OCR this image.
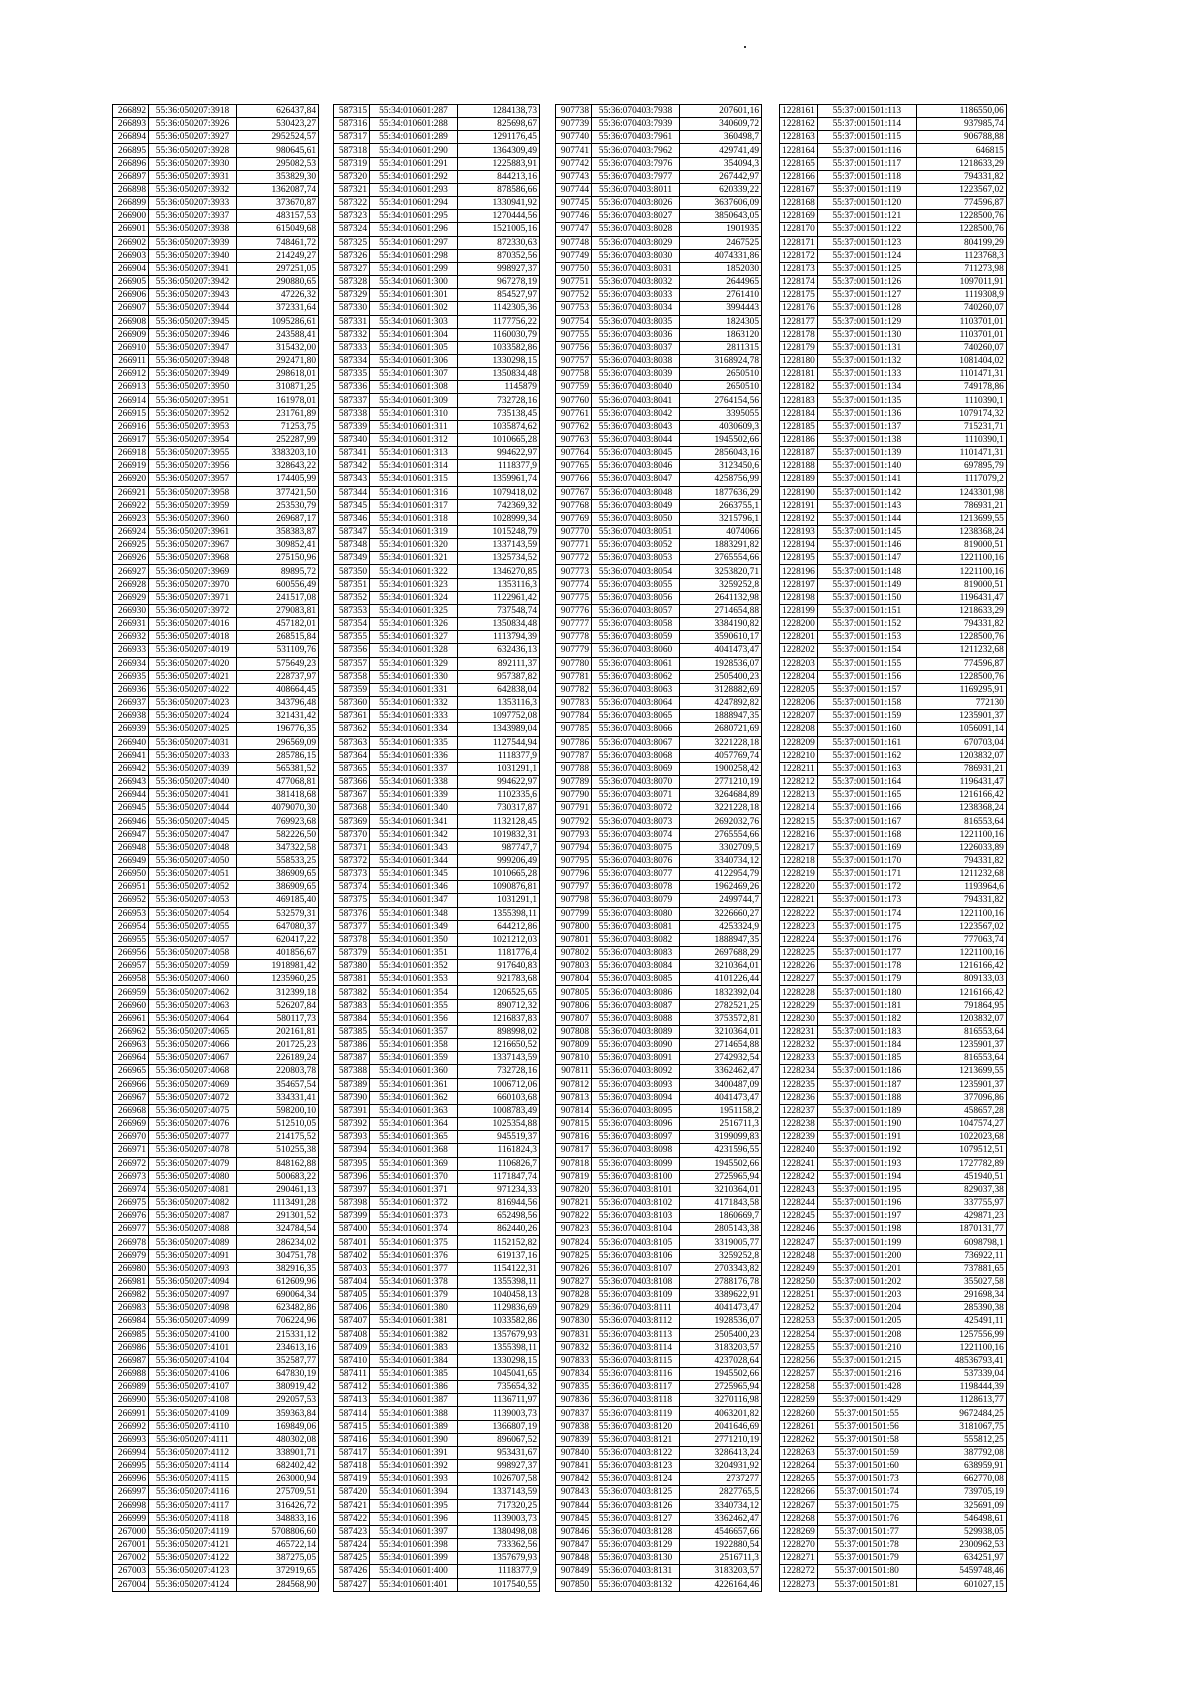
266892	55:36:050207:3918	626437,84
266893	55:36:050207:3926	530423,27
266894	55:36:050207:3927	2952524,57
266895	55:36:050207:3928	980645,61
266896	55:36:050207:3930	295082,53
266897	55:36:050207:3931	353829,30
266898	55:36:050207:3932	1362087,74
266899	55:36:050207:3933	373670,87
266900	55:36:050207:3937	483157,53
266901	55:36:050207:3938	615049,68
266902	55:36:050207:3939	748461,72
266903	55:36:050207:3940	214249,27
266904	55:36:050207:3941	297251,05
266905	55:36:050207:3942	290880,65
266906	55:36:050207:3943	47226,32
266907	55:36:050207:3944	372331,64
266908	55:36:050207:3945	1095286,61
266909	55:36:050207:3946	243588,41
266910	55:36:050207:3947	315432,00
266911	55:36:050207:3948	292471,80
266912	55:36:050207:3949	298618,01
266913	55:36:050207:3950	310871,25
266914	55:36:050207:3951	161978,01
266915	55:36:050207:3952	231761,89
266916	55:36:050207:3953	71253,75
266917	55:36:050207:3954	252287,99
266918	55:36:050207:3955	3383203,10
266919	55:36:050207:3956	328643,22
266920	55:36:050207:3957	174405,99
266921	55:36:050207:3958	377421,50
266922	55:36:050207:3959	253530,79
266923	55:36:050207:3960	269687,17
266924	55:36:050207:3961	358383,87
266925	55:36:050207:3967	309852,41
266926	55:36:050207:3968	275150,96
266927	55:36:050207:3969	89895,72
266928	55:36:050207:3970	600556,49
266929	55:36:050207:3971	241517,08
266930	55:36:050207:3972	279083,81
266931	55:36:050207:4016	457182,01
266932	55:36:050207:4018	268515,84
266933	55:36:050207:4019	531109,76
266934	55:36:050207:4020	575649,23
266935	55:36:050207:4021	228737,97
266936	55:36:050207:4022	408664,45
266937	55:36:050207:4023	343796,48
266938	55:36:050207:4024	321431,42
266939	55:36:050207:4025	196776,35
266940	55:36:050207:4031	296569,09
266941	55:36:050207:4033	285786,15
266942	55:36:050207:4039	565381,52
266943	55:36:050207:4040	477068,81
266944	55:36:050207:4041	381418,68
266945	55:36:050207:4044	4079070,30
266946	55:36:050207:4045	769923,68
266947	55:36:050207:4047	582226,50
266948	55:36:050207:4048	347322,58
266949	55:36:050207:4050	558533,25
266950	55:36:050207:4051	386909,65
266951	55:36:050207:4052	386909,65
266952	55:36:050207:4053	469185,40
266953	55:36:050207:4054	532579,31
266954	55:36:050207:4055	647080,37
266955	55:36:050207:4057	620417,22
266956	55:36:050207:4058	401856,67
266957	55:36:050207:4059	1918981,42
266958	55:36:050207:4060	1235960,25
266959	55:36:050207:4062	312399,18
266960	55:36:050207:4063	526207,84
266961	55:36:050207:4064	580117,73
266962	55:36:050207:4065	202161,81
266963	55:36:050207:4066	201725,23
266964	55:36:050207:4067	226189,24
266965	55:36:050207:4068	220803,78
266966	55:36:050207:4069	354657,54
266967	55:36:050207:4072	334331,41
266968	55:36:050207:4075	598200,10
266969	55:36:050207:4076	512510,05
266970	55:36:050207:4077	214175,52
266971	55:36:050207:4078	510255,38
266972	55:36:050207:4079	848162,88
266973	55:36:050207:4080	500683,22
266974	55:36:050207:4081	290461,13
266975	55:36:050207:4082	1113491,28
266976	55:36:050207:4087	291301,52
266977	55:36:050207:4088	324784,54
266978	55:36:050207:4089	286234,02
266979	55:36:050207:4091	304751,78
266980	55:36:050207:4093	382916,35
266981	55:36:050207:4094	612609,96
266982	55:36:050207:4097	690064,34
266983	55:36:050207:4098	623482,86
266984	55:36:050207:4099	706224,96
266985	55:36:050207:4100	215331,12
266986	55:36:050207:4101	234613,16
266987	55:36:050207:4104	352587,77
266988	55:36:050207:4106	647830,19
266989	55:36:050207:4107	380919,42
266990	55:36:050207:4108	292057,53
266991	55:36:050207:4109	359363,84
266992	55:36:050207:4110	169849,06
266993	55:36:050207:4111	480302,08
266994	55:36:050207:4112	338901,71
266995	55:36:050207:4114	682402,42
266996	55:36:050207:4115	263000,94
266997	55:36:050207:4116	275709,51
266998	55:36:050207:4117	316426,72
266999	55:36:050207:4118	348833,16
267000	55:36:050207:4119	5708806,60
267001	55:36:050207:4121	465722,14
267002	55:36:050207:4122	387275,05
267003	55:36:050207:4123	372919,65
267004	55:36:050207:4124	284568,90
587315	55:34:010601:287	1284138,73
587316	55:34:010601:288	825698,67
587317	55:34:010601:289	1291176,45
587318	55:34:010601:290	1364309,49
587319	55:34:010601:291	1225883,91
587320	55:34:010601:292	844213,16
587321	55:34:010601:293	878586,66
587322	55:34:010601:294	1330941,92
587323	55:34:010601:295	1270444,56
587324	55:34:010601:296	1521005,16
587325	55:34:010601:297	872330,63
587326	55:34:010601:298	870352,56
587327	55:34:010601:299	998927,37
587328	55:34:010601:300	967278,19
587329	55:34:010601:301	854527,97
587330	55:34:010601:302	1142305,36
587331	55:34:010601:303	1177756,22
587332	55:34:010601:304	1160030,79
587333	55:34:010601:305	1033582,86
587334	55:34:010601:306	1330298,15
587335	55:34:010601:307	1350834,48
587336	55:34:010601:308	1145879
587337	55:34:010601:309	732728,16
587338	55:34:010601:310	735138,45
587339	55:34:010601:311	1035874,62
587340	55:34:010601:312	1010665,28
587341	55:34:010601:313	994622,97
587342	55:34:010601:314	1118377,9
587343	55:34:010601:315	1359961,74
587344	55:34:010601:316	1079418,02
587345	55:34:010601:317	742369,32
587346	55:34:010601:318	1028999,34
587347	55:34:010601:319	1015248,79
587348	55:34:010601:320	1337143,59
587349	55:34:010601:321	1325734,52
587350	55:34:010601:322	1346270,85
587351	55:34:010601:323	1353116,3
587352	55:34:010601:324	1122961,42
587353	55:34:010601:325	737548,74
587354	55:34:010601:326	1350834,48
587355	55:34:010601:327	1113794,39
587356	55:34:010601:328	632436,13
587357	55:34:010601:329	892111,37
587358	55:34:010601:330	957387,82
587359	55:34:010601:331	642838,04
587360	55:34:010601:332	1353116,3
587361	55:34:010601:333	1097752,08
587362	55:34:010601:334	1343989,04
587363	55:34:010601:335	1127544,94
587364	55:34:010601:336	1118377,9
587365	55:34:010601:337	1031291,1
587366	55:34:010601:338	994622,97
587367	55:34:010601:339	1102335,6
587368	55:34:010601:340	730317,87
587369	55:34:010601:341	1132128,45
587370	55:34:010601:342	1019832,31
587371	55:34:010601:343	987747,7
587372	55:34:010601:344	999206,49
587373	55:34:010601:345	1010665,28
587374	55:34:010601:346	1090876,81
587375	55:34:010601:347	1031291,1
587376	55:34:010601:348	1355398,11
587377	55:34:010601:349	644212,86
587378	55:34:010601:350	1021212,03
587379	55:34:010601:351	1181776,4
587380	55:34:010601:352	917640,83
587381	55:34:010601:353	921783,68
587382	55:34:010601:354	1206525,65
587383	55:34:010601:355	890712,32
587384	55:34:010601:356	1216837,83
587385	55:34:010601:357	898998,02
587386	55:34:010601:358	1216650,52
587387	55:34:010601:359	1337143,59
587388	55:34:010601:360	732728,16
587389	55:34:010601:361	1006712,06
587390	55:34:010601:362	660103,68
587391	55:34:010601:363	1008783,49
587392	55:34:010601:364	1025354,88
587393	55:34:010601:365	945519,37
587394	55:34:010601:368	1161824,3
587395	55:34:010601:369	1106826,7
587396	55:34:010601:370	1171847,74
587397	55:34:010601:371	971234,33
587398	55:34:010601:372	816944,56
587399	55:34:010601:373	652498,56
587400	55:34:010601:374	862440,26
587401	55:34:010601:375	1152152,82
587402	55:34:010601:376	619137,16
587403	55:34:010601:377	1154122,31
587404	55:34:010601:378	1355398,11
587405	55:34:010601:379	1040458,13
587406	55:34:010601:380	1129836,69
587407	55:34:010601:381	1033582,86
587408	55:34:010601:382	1357679,93
587409	55:34:010601:383	1355398,11
587410	55:34:010601:384	1330298,15
587411	55:34:010601:385	1045041,65
587412	55:34:010601:386	735654,32
587413	55:34:010601:387	1136711,97
587414	55:34:010601:388	1139003,73
587415	55:34:010601:389	1366807,19
587416	55:34:010601:390	896067,52
587417	55:34:010601:391	953431,67
587418	55:34:010601:392	998927,37
587419	55:34:010601:393	1026707,58
587420	55:34:010601:394	1337143,59
587421	55:34:010601:395	717320,25
587422	55:34:010601:396	1139003,73
587423	55:34:010601:397	1380498,08
587424	55:34:010601:398	733362,56
587425	55:34:010601:399	1357679,93
587426	55:34:010601:400	1118377,9
587427	55:34:010601:401	1017540,55
907738	55:36:070403:7938	207601,16
907739	55:36:070403:7939	340609,72
907740	55:36:070403:7961	360498,7
907741	55:36:070403:7962	429741,49
907742	55:36:070403:7976	354094,3
907743	55:36:070403:7977	267442,97
907744	55:36:070403:8011	620339,22
907745	55:36:070403:8026	3637606,09
907746	55:36:070403:8027	3850643,05
907747	55:36:070403:8028	1901935
907748	55:36:070403:8029	2467525
907749	55:36:070403:8030	4074331,86
907750	55:36:070403:8031	1852030
907751	55:36:070403:8032	2644965
907752	55:36:070403:8033	2761410
907753	55:36:070403:8034	3994443
907754	55:36:070403:8035	1824305
907755	55:36:070403:8036	1863120
907756	55:36:070403:8037	2811315
907757	55:36:070403:8038	3168924,78
907758	55:36:070403:8039	2650510
907759	55:36:070403:8040	2650510
907760	55:36:070403:8041	2764154,56
907761	55:36:070403:8042	3395055
907762	55:36:070403:8043	4030609,3
907763	55:36:070403:8044	1945502,66
907764	55:36:070403:8045	2856043,16
907765	55:36:070403:8046	3123450,6
907766	55:36:070403:8047	4258756,99
907767	55:36:070403:8048	1877636,29
907768	55:36:070403:8049	2663755,1
907769	55:36:070403:8050	3215796,1
907770	55:36:070403:8051	4074066
907771	55:36:070403:8052	1883291,82
907772	55:36:070403:8053	2765554,66
907773	55:36:070403:8054	3253820,71
907774	55:36:070403:8055	3259252,8
907775	55:36:070403:8056	2641132,98
907776	55:36:070403:8057	2714654,88
907777	55:36:070403:8058	3384190,82
907778	55:36:070403:8059	3590610,17
907779	55:36:070403:8060	4041473,47
907780	55:36:070403:8061	1928536,07
907781	55:36:070403:8062	2505400,23
907782	55:36:070403:8063	3128882,69
907783	55:36:070403:8064	4247892,82
907784	55:36:070403:8065	1888947,35
907785	55:36:070403:8066	2680721,69
907786	55:36:070403:8067	3221228,18
907787	55:36:070403:8068	4057769,74
907788	55:36:070403:8069	1900258,42
907789	55:36:070403:8070	2771210,19
907790	55:36:070403:8071	3264684,89
907791	55:36:070403:8072	3221228,18
907792	55:36:070403:8073	2692032,76
907793	55:36:070403:8074	2765554,66
907794	55:36:070403:8075	3302709,5
907795	55:36:070403:8076	3340734,12
907796	55:36:070403:8077	4122954,79
907797	55:36:070403:8078	1962469,26
907798	55:36:070403:8079	2499744,7
907799	55:36:070403:8080	3226660,27
907800	55:36:070403:8081	4253324,9
907801	55:36:070403:8082	1888947,35
907802	55:36:070403:8083	2697688,29
907803	55:36:070403:8084	3210364,01
907804	55:36:070403:8085	4101226,44
907805	55:36:070403:8086	1832392,04
907806	55:36:070403:8087	2782521,25
907807	55:36:070403:8088	3753572,81
907808	55:36:070403:8089	3210364,01
907809	55:36:070403:8090	2714654,88
907810	55:36:070403:8091	2742932,54
907811	55:36:070403:8092	3362462,47
907812	55:36:070403:8093	3400487,09
907813	55:36:070403:8094	4041473,47
907814	55:36:070403:8095	1951158,2
907815	55:36:070403:8096	2516711,3
907816	55:36:070403:8097	3199099,83
907817	55:36:070403:8098	4231596,55
907818	55:36:070403:8099	1945502,66
907819	55:36:070403:8100	2725965,94
907820	55:36:070403:8101	3210364,01
907821	55:36:070403:8102	4171843,58
907822	55:36:070403:8103	1860669,7
907823	55:36:070403:8104	2805143,38
907824	55:36:070403:8105	3319005,77
907825	55:36:070403:8106	3259252,8
907826	55:36:070403:8107	2703343,82
907827	55:36:070403:8108	2788176,78
907828	55:36:070403:8109	3389622,91
907829	55:36:070403:8111	4041473,47
907830	55:36:070403:8112	1928536,07
907831	55:36:070403:8113	2505400,23
907832	55:36:070403:8114	3183203,57
907833	55:36:070403:8115	4237028,64
907834	55:36:070403:8116	1945502,66
907835	55:36:070403:8117	2725965,94
907836	55:36:070403:8118	3270116,98
907837	55:36:070403:8119	4063201,82
907838	55:36:070403:8120	2041646,69
907839	55:36:070403:8121	2771210,19
907840	55:36:070403:8122	3286413,24
907841	55:36:070403:8123	3204931,92
907842	55:36:070403:8124	2737277
907843	55:36:070403:8125	2827765,5
907844	55:36:070403:8126	3340734,12
907845	55:36:070403:8127	3362462,47
907846	55:36:070403:8128	4546657,66
907847	55:36:070403:8129	1922880,54
907848	55:36:070403:8130	2516711,3
907849	55:36:070403:8131	3183203,57
907850	55:36:070403:8132	4226164,46
1228161	55:37:001501:113	1186550,06
1228162	55:37:001501:114	937985,74
1228163	55:37:001501:115	906788,88
1228164	55:37:001501:116	646815
1228165	55:37:001501:117	1218633,29
1228166	55:37:001501:118	794331,82
1228167	55:37:001501:119	1223567,02
1228168	55:37:001501:120	774596,87
1228169	55:37:001501:121	1228500,76
1228170	55:37:001501:122	1228500,76
1228171	55:37:001501:123	804199,29
1228172	55:37:001501:124	1123768,3
1228173	55:37:001501:125	711273,98
1228174	55:37:001501:126	1097011,91
1228175	55:37:001501:127	1119308,9
1228176	55:37:001501:128	740260,07
1228177	55:37:001501:129	1103701,01
1228178	55:37:001501:130	1103701,01
1228179	55:37:001501:131	740260,07
1228180	55:37:001501:132	1081404,02
1228181	55:37:001501:133	1101471,31
1228182	55:37:001501:134	749178,86
1228183	55:37:001501:135	1110390,1
1228184	55:37:001501:136	1079174,32
1228185	55:37:001501:137	715231,71
1228186	55:37:001501:138	1110390,1
1228187	55:37:001501:139	1101471,31
1228188	55:37:001501:140	697895,79
1228189	55:37:001501:141	1117079,2
1228190	55:37:001501:142	1243301,98
1228191	55:37:001501:143	786931,21
1228192	55:37:001501:144	1213699,55
1228193	55:37:001501:145	1238368,24
1228194	55:37:001501:146	819000,51
1228195	55:37:001501:147	1221100,16
1228196	55:37:001501:148	1221100,16
1228197	55:37:001501:149	819000,51
1228198	55:37:001501:150	1196431,47
1228199	55:37:001501:151	1218633,29
1228200	55:37:001501:152	794331,82
1228201	55:37:001501:153	1228500,76
1228202	55:37:001501:154	1211232,68
1228203	55:37:001501:155	774596,87
1228204	55:37:001501:156	1228500,76
1228205	55:37:001501:157	1169295,91
1228206	55:37:001501:158	772130
1228207	55:37:001501:159	1235901,37
1228208	55:37:001501:160	1056091,14
1228209	55:37:001501:161	670703,04
1228210	55:37:001501:162	1203832,07
1228211	55:37:001501:163	786931,21
1228212	55:37:001501:164	1196431,47
1228213	55:37:001501:165	1216166,42
1228214	55:37:001501:166	1238368,24
1228215	55:37:001501:167	816553,64
1228216	55:37:001501:168	1221100,16
1228217	55:37:001501:169	1226033,89
1228218	55:37:001501:170	794331,82
1228219	55:37:001501:171	1211232,68
1228220	55:37:001501:172	1193964,6
1228221	55:37:001501:173	794331,82
1228222	55:37:001501:174	1221100,16
1228223	55:37:001501:175	1223567,02
1228224	55:37:001501:176	777063,74
1228225	55:37:001501:177	1221100,16
1228226	55:37:001501:178	1216166,42
1228227	55:37:001501:179	809133,03
1228228	55:37:001501:180	1216166,42
1228229	55:37:001501:181	791864,95
1228230	55:37:001501:182	1203832,07
1228231	55:37:001501:183	816553,64
1228232	55:37:001501:184	1235901,37
1228233	55:37:001501:185	816553,64
1228234	55:37:001501:186	1213699,55
1228235	55:37:001501:187	1235901,37
1228236	55:37:001501:188	377096,86
1228237	55:37:001501:189	458657,28
1228238	55:37:001501:190	1047574,27
1228239	55:37:001501:191	1022023,68
1228240	55:37:001501:192	1079512,51
1228241	55:37:001501:193	1727782,89
1228242	55:37:001501:194	451940,51
1228243	55:37:001501:195	829037,38
1228244	55:37:001501:196	337755,97
1228245	55:37:001501:197	429871,23
1228246	55:37:001501:198	1870131,77
1228247	55:37:001501:199	6098798,1
1228248	55:37:001501:200	736922,11
1228249	55:37:001501:201	737881,65
1228250	55:37:001501:202	355027,58
1228251	55:37:001501:203	291698,34
1228252	55:37:001501:204	285390,38
1228253	55:37:001501:205	425491,11
1228254	55:37:001501:208	1257556,99
1228255	55:37:001501:210	1221100,16
1228256	55:37:001501:215	48536793,41
1228257	55:37:001501:216	537339,04
1228258	55:37:001501:428	1198444,39
1228259	55:37:001501:429	1128613,77
1228260	55:37:001501:55	9672484,25
1228261	55:37:001501:56	3181067,75
1228262	55:37:001501:58	555812,25
1228263	55:37:001501:59	387792,08
1228264	55:37:001501:60	638959,91
1228265	55:37:001501:73	662770,08
1228266	55:37:001501:74	739705,19
1228267	55:37:001501:75	325691,09
1228268	55:37:001501:76	546498,61
1228269	55:37:001501:77	529938,05
1228270	55:37:001501:78	2300962,53
1228271	55:37:001501:79	634251,97
1228272	55:37:001501:80	5459748,46
1228273	55:37:001501:81	601027,15
